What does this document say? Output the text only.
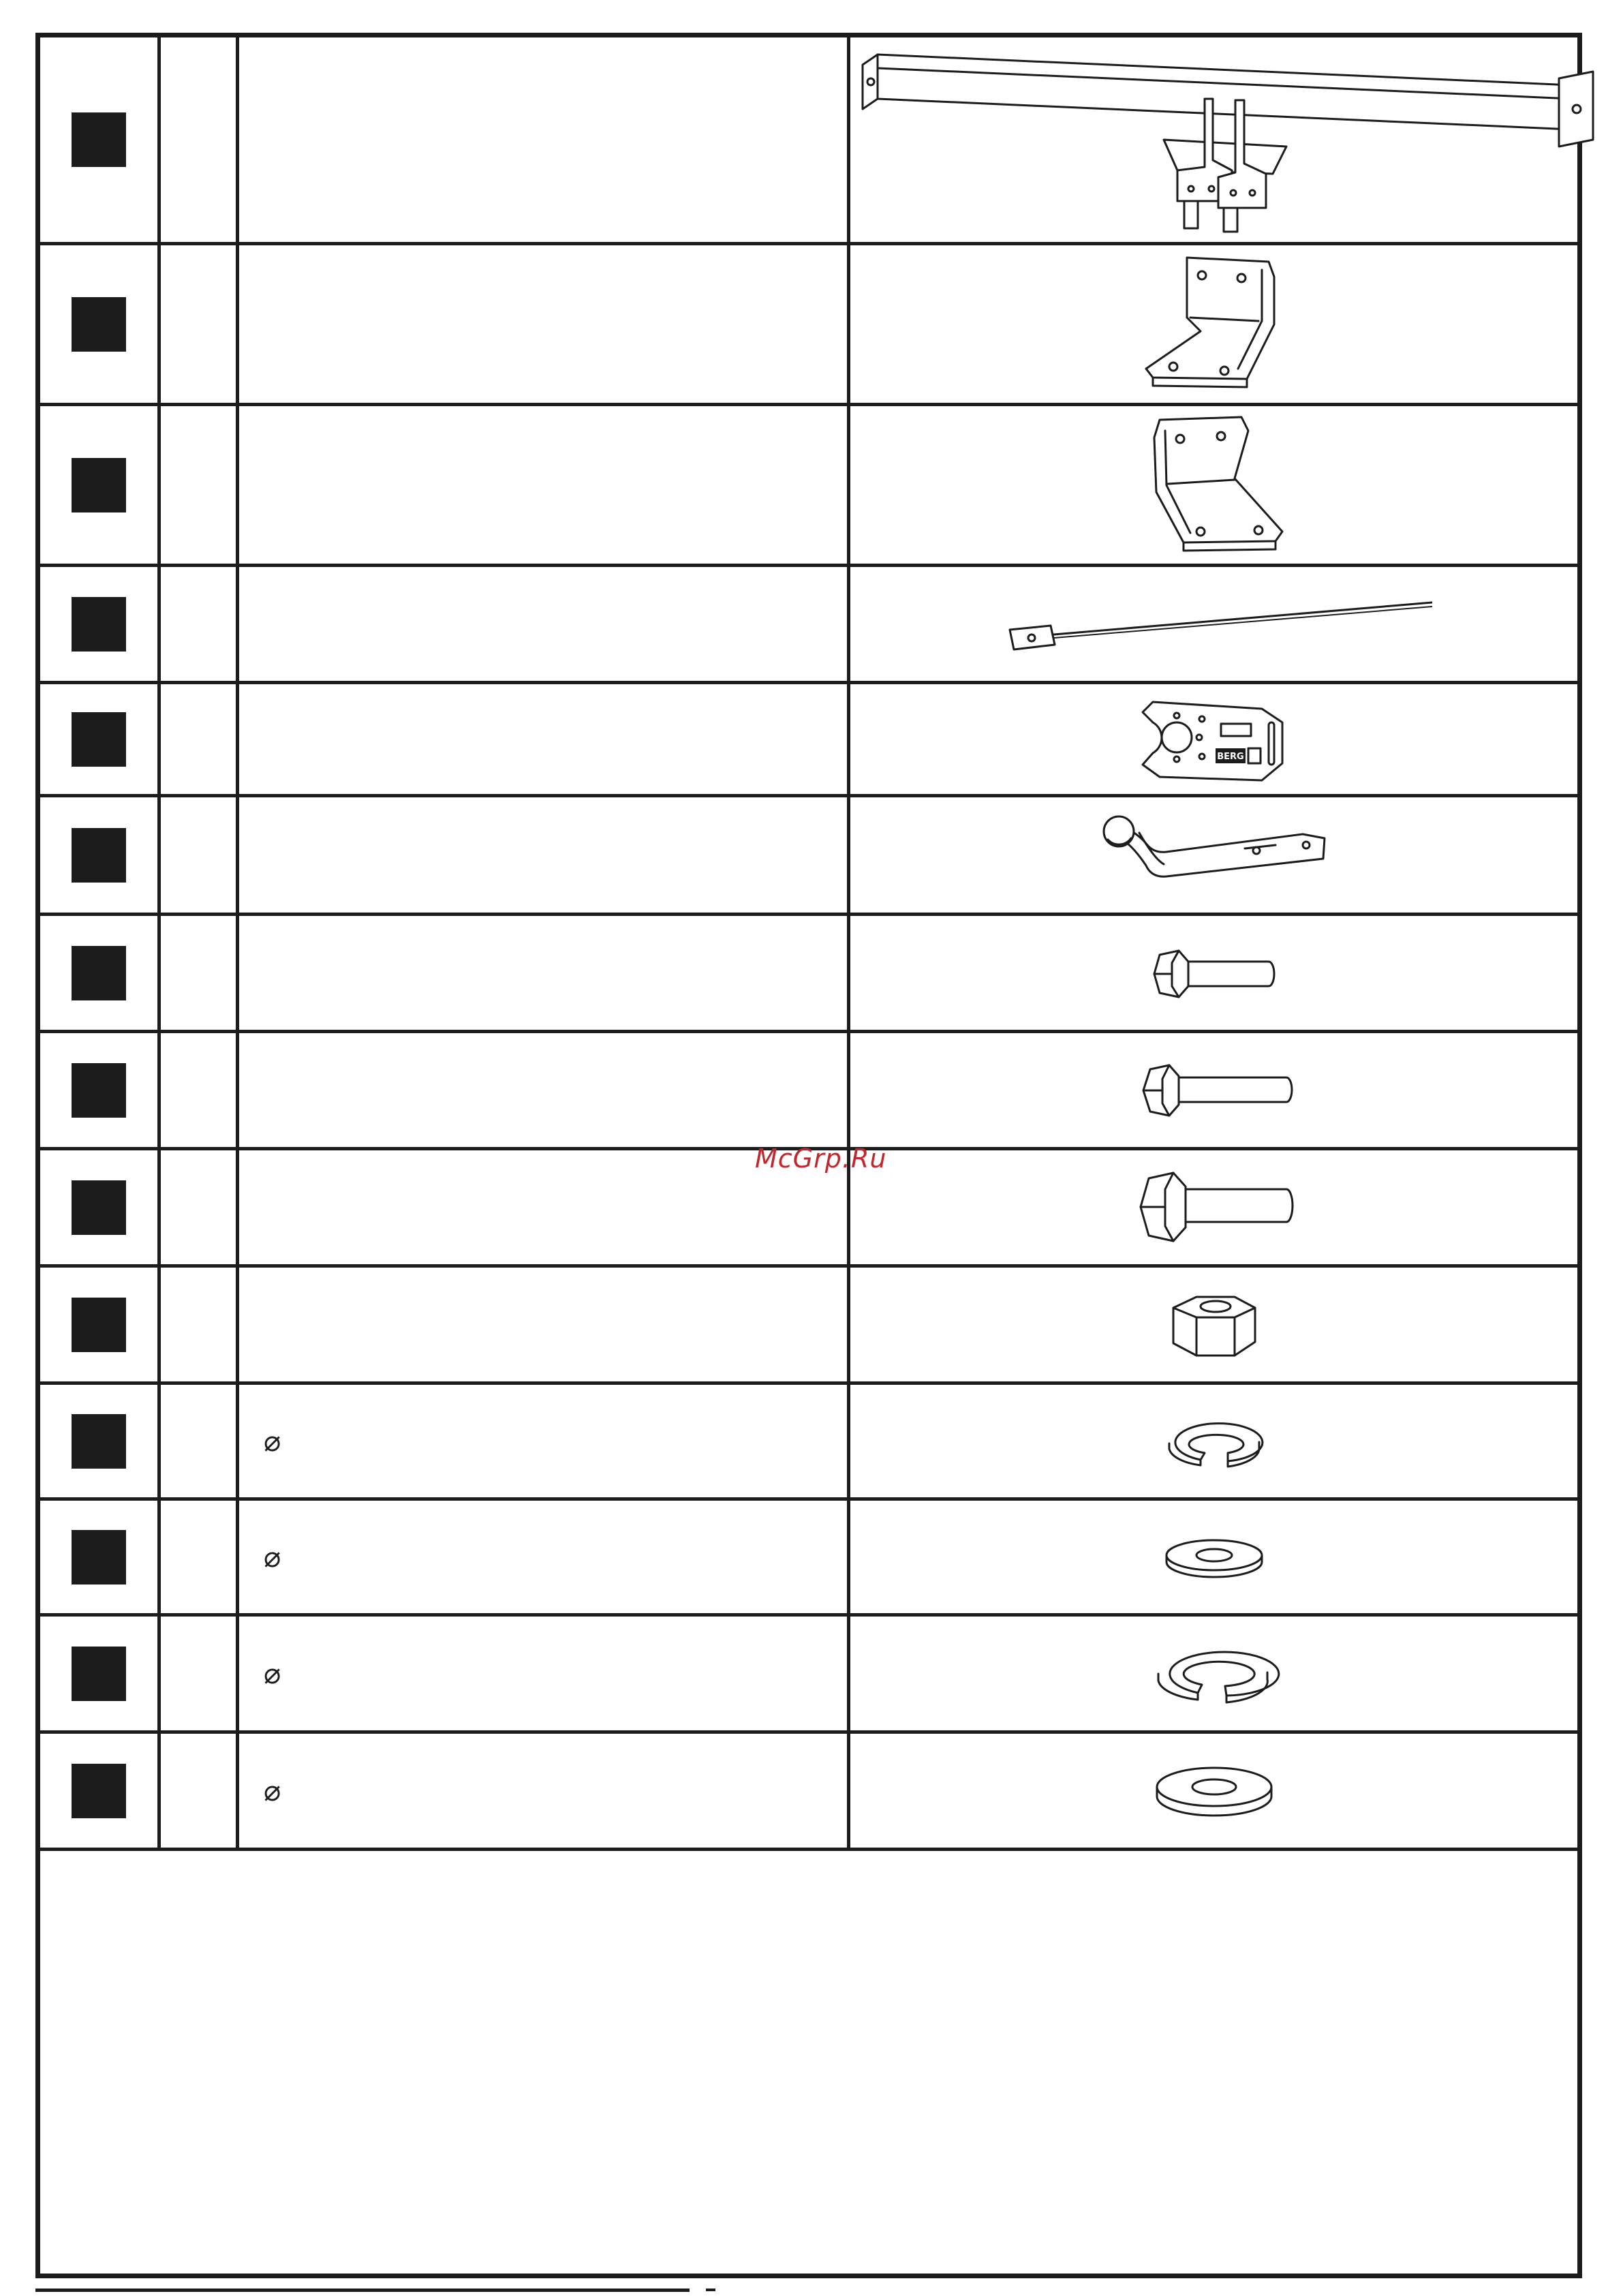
BERG

		⌀	

		⌀	

		⌀	

		⌀	
McGrp.Ru
